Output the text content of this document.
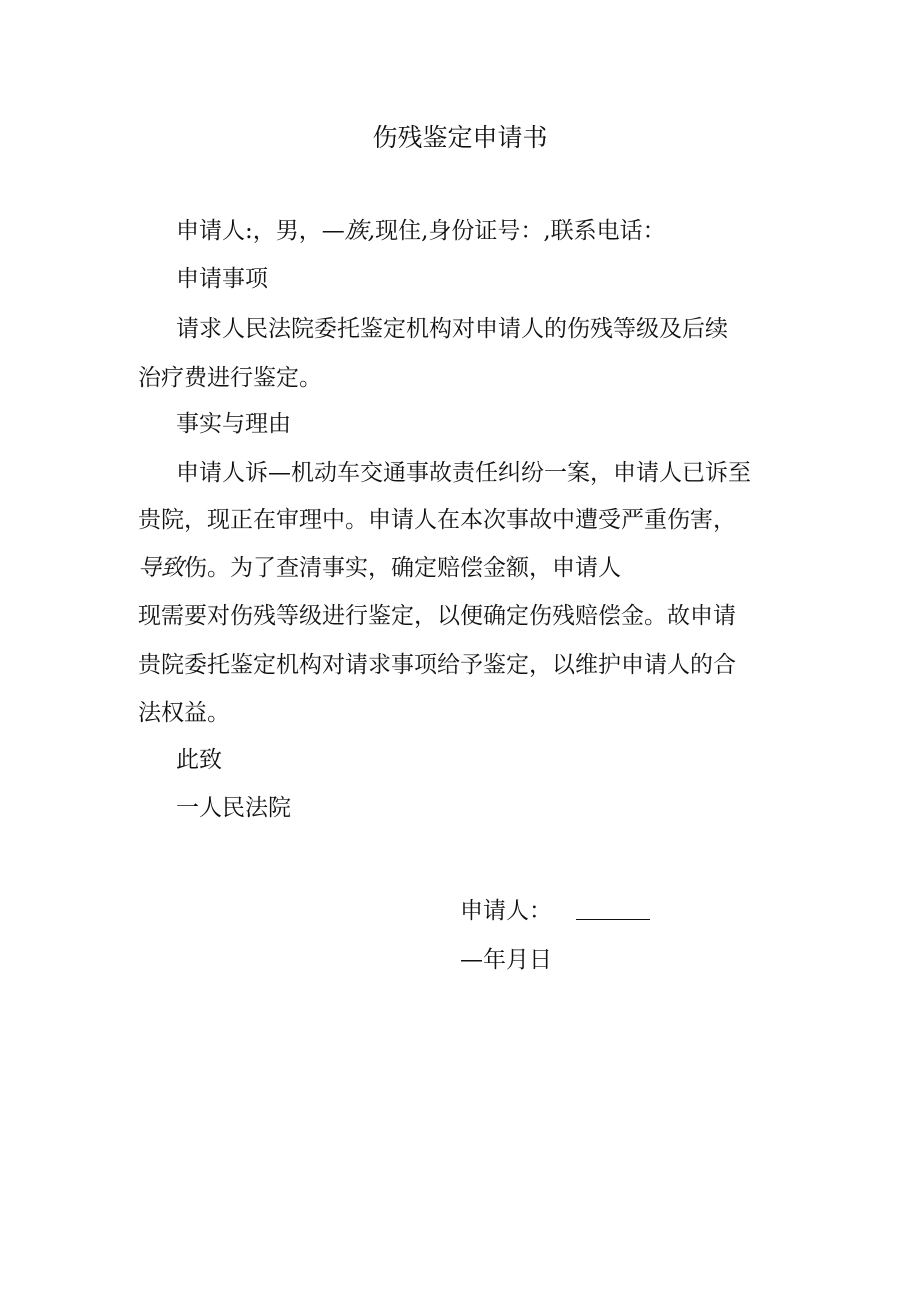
伤残鉴定申请书

申请人:，男，—族,现住,身份证号：,联系电话：

申请事项

请求人民法院委托鉴定机构对申请人的伤残等级及后续

治疗费进行鉴定。

事实与理由

申请人诉—机动车交通事故责任纠纷一案，申请人已诉至

贵院，现正在审理中。申请人在本次事故中遭受严重伤害，

导致伤。为了查清事实，确定赔偿金额，申请人

现需要对伤残等级进行鉴定，以便确定伤残赔偿金。故申请

贵院委托鉴定机构对请求事项给予鉴定，以维护申请人的合

法权益。

此致

一人民法院

申请人：

—年月日
